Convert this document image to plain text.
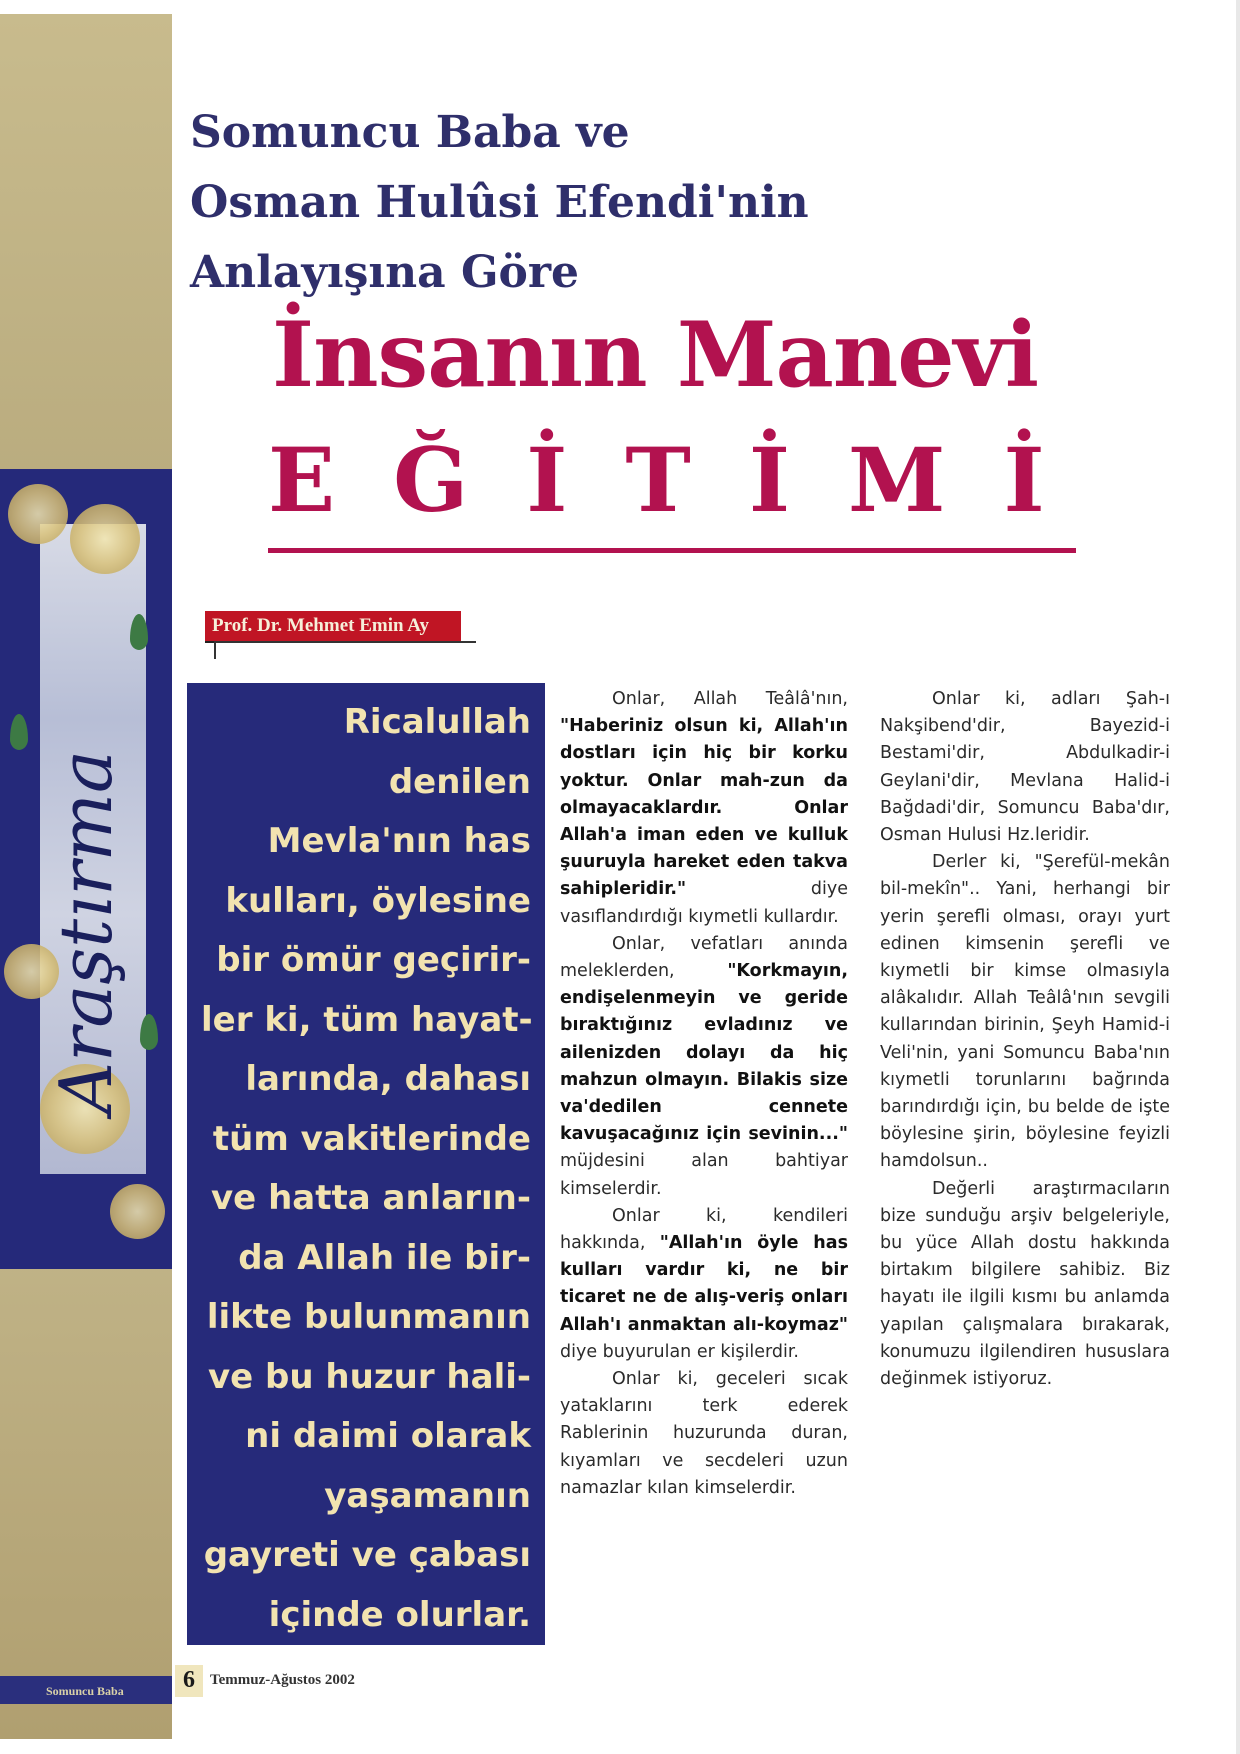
Araştırma
Somuncu Baba
Somuncu Baba ve
Osman Hulûsi Efendi'nin
Anlayışına Göre
İnsanın Manevi
EĞİTİMİ
Prof. Dr. Mehmet Emin Ay
Ricalullah
denilen
Mevla'nın has
kulları, öylesine
bir ömür geçirir-
ler ki, tüm hayat-
larında, dahası
tüm vakitlerinde
ve hatta anların-
da Allah ile bir-
likte bulunmanın
ve bu huzur hali-
ni daimi olarak
yaşamanın
gayreti ve çabası
içinde olurlar.

Onlar, Allah Teâlâ'nın, "Haberiniz olsun ki, Allah'ın dostları için hiç bir korku yoktur. Onlar mah-zun da olmayacaklardır. Onlar Allah'a iman eden ve kulluk şuuruyla hareket eden takva sahipleridir." diye vasıflandırdığı kıymetli kullardır.

Onlar, vefatları anında meleklerden, "Korkmayın, endişelenmeyin ve geride bıraktığınız evladınız ve ailenizden dolayı da hiç mahzun olmayın. Bilakis size va'dedilen cennete kavuşacağınız için sevinin..." müjdesini alan bahtiyar kimselerdir.

Onlar ki, kendileri hakkında, "Allah'ın öyle has kulları vardır ki, ne bir ticaret ne de alış-veriş onları Allah'ı anmaktan alı-koymaz" diye buyurulan er kişilerdir.

Onlar ki, geceleri sıcak yataklarını terk ederek Rablerinin huzurunda duran, kıyamları ve secdeleri uzun namazlar kılan kimselerdir.

Onlar ki, adları Şah-ı Nakşibend'dir, Bayezid-i Bestami'dir, Abdulkadir-i Geylani'dir, Mevlana Halid-i Bağdadi'dir, Somuncu Baba'dır, Osman Hulusi Hz.leridir.

Derler ki, "Şerefül-mekân bil-mekîn".. Yani, herhangi bir yerin şerefli olması, orayı yurt edinen kimsenin şerefli ve kıymetli bir kimse olmasıyla alâkalıdır. Allah Teâlâ'nın sevgili kullarından birinin, Şeyh Hamid-i Veli'nin, yani Somuncu Baba'nın kıymetli torunlarını bağrında barındırdığı için, bu belde de işte böylesine şirin, böylesine feyizli hamdolsun..

Değerli araştırmacıların bize sunduğu arşiv belgeleriyle, bu yüce Allah dostu hakkında birtakım bilgilere sahibiz. Biz hayatı ile ilgili kısmı bu anlamda yapılan çalışmalara bırakarak, konumuzu ilgilendiren hususlara değinmek istiyoruz.

6	Temmuz-Ağustos 2002
